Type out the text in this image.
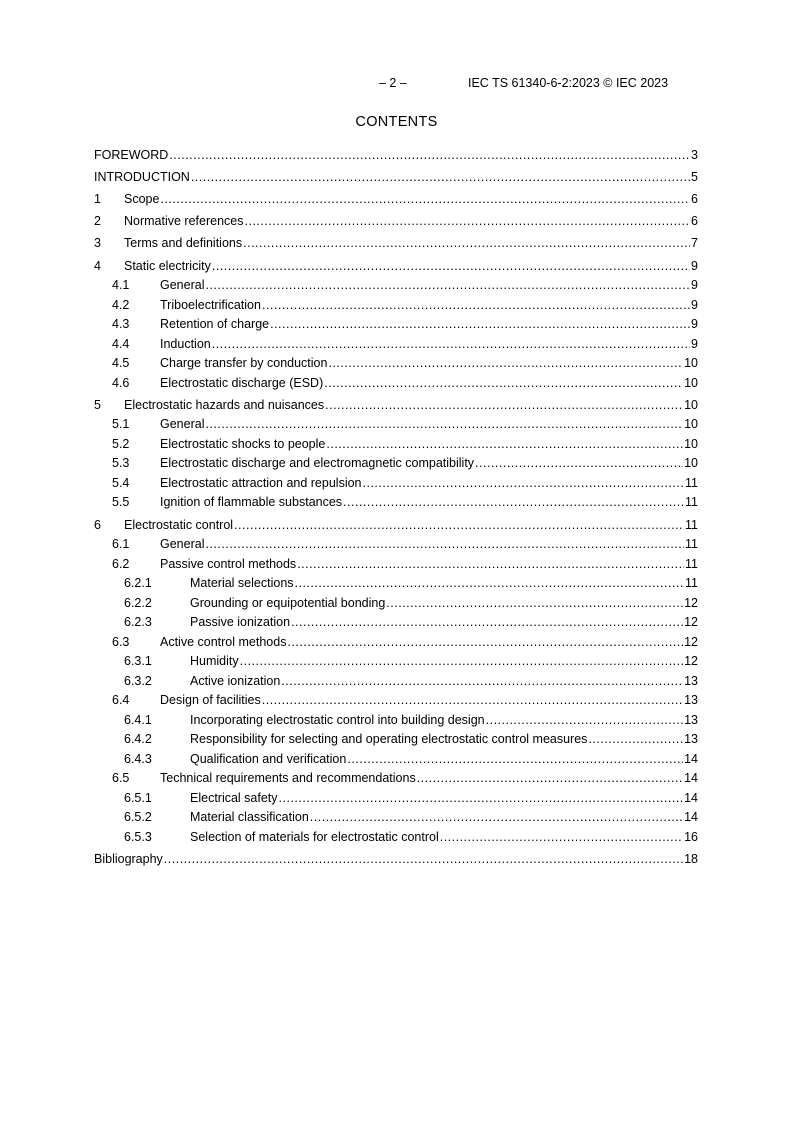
– 2 –	IEC TS 61340-6-2:2023 © IEC 2023
CONTENTS
FOREWORD .....	3
INTRODUCTION .....	5
1	Scope .....	6
2	Normative references .....	6
3	Terms and definitions .....	7
4	Static electricity .....	9
4.1	General .....	9
4.2	Triboelectrification .....	9
4.3	Retention of charge .....	9
4.4	Induction .....	9
4.5	Charge transfer by conduction .....	10
4.6	Electrostatic discharge (ESD) .....	10
5	Electrostatic hazards and nuisances .....	10
5.1	General .....	10
5.2	Electrostatic shocks to people .....	10
5.3	Electrostatic discharge and electromagnetic compatibility .....	10
5.4	Electrostatic attraction and repulsion .....	11
5.5	Ignition of flammable substances .....	11
6	Electrostatic control .....	11
6.1	General .....	11
6.2	Passive control methods .....	11
6.2.1	Material selections .....	11
6.2.2	Grounding or equipotential bonding .....	12
6.2.3	Passive ionization .....	12
6.3	Active control methods .....	12
6.3.1	Humidity .....	12
6.3.2	Active ionization .....	13
6.4	Design of facilities .....	13
6.4.1	Incorporating electrostatic control into building design .....	13
6.4.2	Responsibility for selecting and operating electrostatic control measures .....	13
6.4.3	Qualification and verification .....	14
6.5	Technical requirements and recommendations .....	14
6.5.1	Electrical safety .....	14
6.5.2	Material classification .....	14
6.5.3	Selection of materials for electrostatic control .....	16
Bibliography .....	18
